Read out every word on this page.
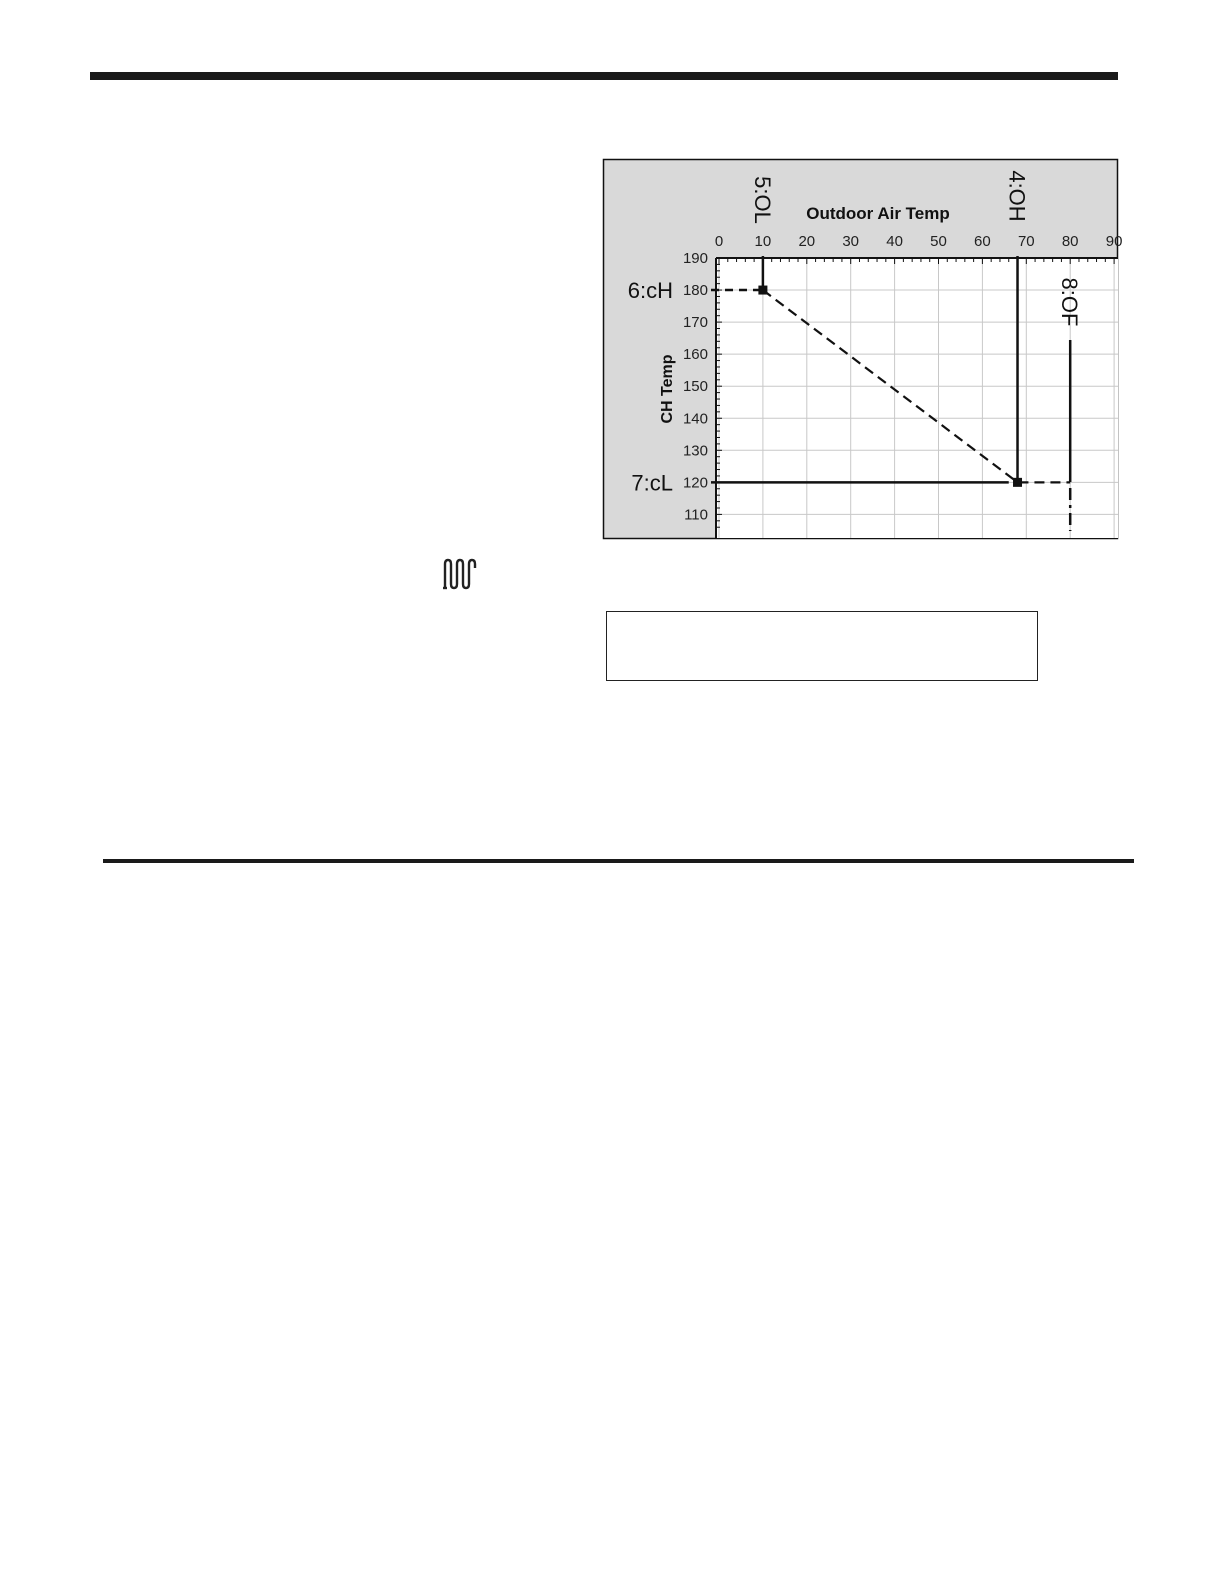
0 10 20 30 40 50 60 70 80 90
110
120
130
140
150
160
170
180
190
5:OL	4:OH
8:OF
6:cH
7:cL
Outdoor Air Temp
CH Temp
